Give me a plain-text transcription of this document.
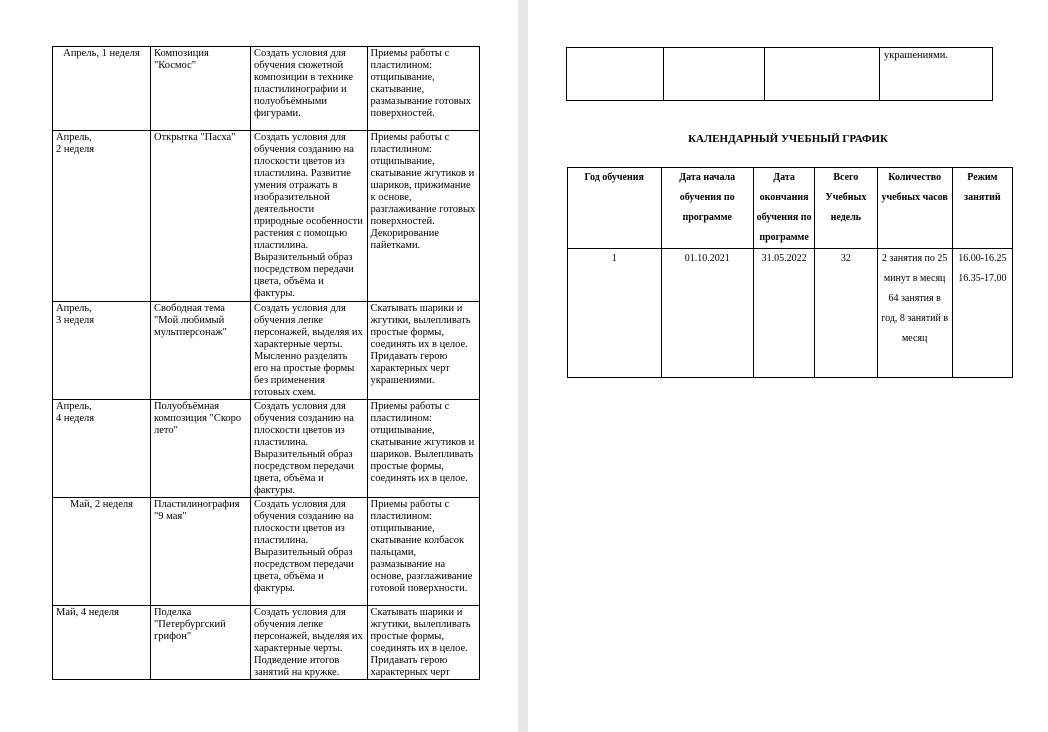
Апрель, 1 неделя	Композиция "Космос"	Создать условия для обучения сюжетной композиции в технике пластилинографии и полуобъёмными фигурами.	Приемы работы с пластилином: отщипывание, скатывание, размазывание готовых поверхностей.
Апрель,
2 неделя	Открытка "Пасха"	Создать условия для обучения созданию на плоскости цветов из пластилина. Развитие умения отражать в изобразительной деятельности природные особенности растения с помощью пластилина. Выразительный образ посредством передачи цвета, объёма и фактуры.	Приемы работы с пластилином: отщипывание, скатывание жгутиков и шариков, прижимание к основе, разглаживание готовых поверхностей. Декорирование пайетками.
Апрель,
3 неделя	Свободная тема "Мой любимый мультперсонаж"	Создать условия для обучения лепке персонажей, выделяя их характерные черты. Мысленно разделять его на простые формы без применения готовых схем.	Скатывать шарики и жгутики, вылепливать простые формы, соединять их в целое. Придавать герою характерных черт украшениями.
Апрель,
4 неделя	Полуобъёмная композиция "Скоро лето"	Создать условия для обучения созданию на плоскости цветов из пластилина. Выразительный образ посредством передачи цвета, объёма и фактуры.	Приемы работы с пластилином: отщипывание, скатывание жгутиков и шариков. Вылепливать простые формы, соединять их в целое.
Май, 2 неделя	Пластилинография "9 мая"	Создать условия для обучения созданию на плоскости цветов из пластилина. Выразительный образ посредством передачи цвета, объёма и фактуры.	Приемы работы с пластилином: отщипывание, скатывание колбасок пальцами, размазывание на основе, разглаживание готовой поверхности.
Май, 4 неделя	Поделка "Петербургский грифон"	Создать условия для обучения лепке персонажей, выделяя их характерные черты. Подведение итогов занятий на кружке.	Скатывать шарики и жгутики, вылепливать простые формы, соединять их в целое. Придавать герою характерных черт
			украшениями.
КАЛЕНДАРНЫЙ УЧЕБНЫЙ ГРАФИК
Год обучения	Дата начала обучения по программе	Дата окончания обучения по программе	Всего Учебных недель	Количество учебных часов	Режим занятий
1	01.10.2021	31.05.2022	32	2 занятия по 25 минут в месяц 64 занятия в год, 8 занятий в месяц	16.00-16.25 16.35-17.00
